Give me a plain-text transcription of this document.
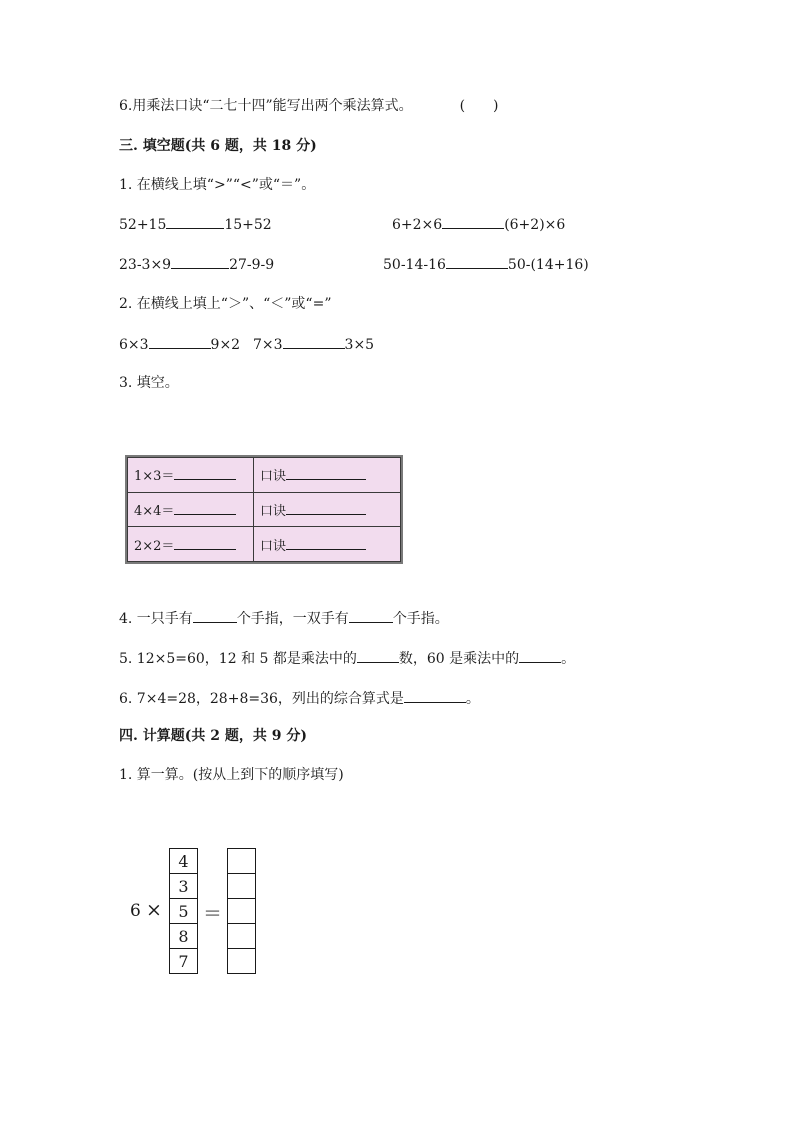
6.用乘法口诀“二七十四”能写出两个乘法算式。	( )
三. 填空题(共 6 题，共 18 分)
1. 在横线上填“>”“<”或“＝”。
52+15	15+52	6+2×6	(6+2)×6
23-3×9	27-9-9	50-14-16	50-(14+16)
2. 在横线上填上“＞”、“＜”或“=”
6×3	9×2 7×3	3×5
3. 填空。
1×3＝	口诀
4×4＝	口诀
2×2＝	口诀
4. 一只手有	个手指，一双手有	个手指。
5. 12×5=60，12 和 5 都是乘法中的	数，60 是乘法中的	。
6. 7×4=28，28+8=36，列出的综合算式是	。
四. 计算题(共 2 题，共 9 分)
1. 算一算。(按从上到下的顺序填写)
6 ×
4
3
5
8
7
＝
